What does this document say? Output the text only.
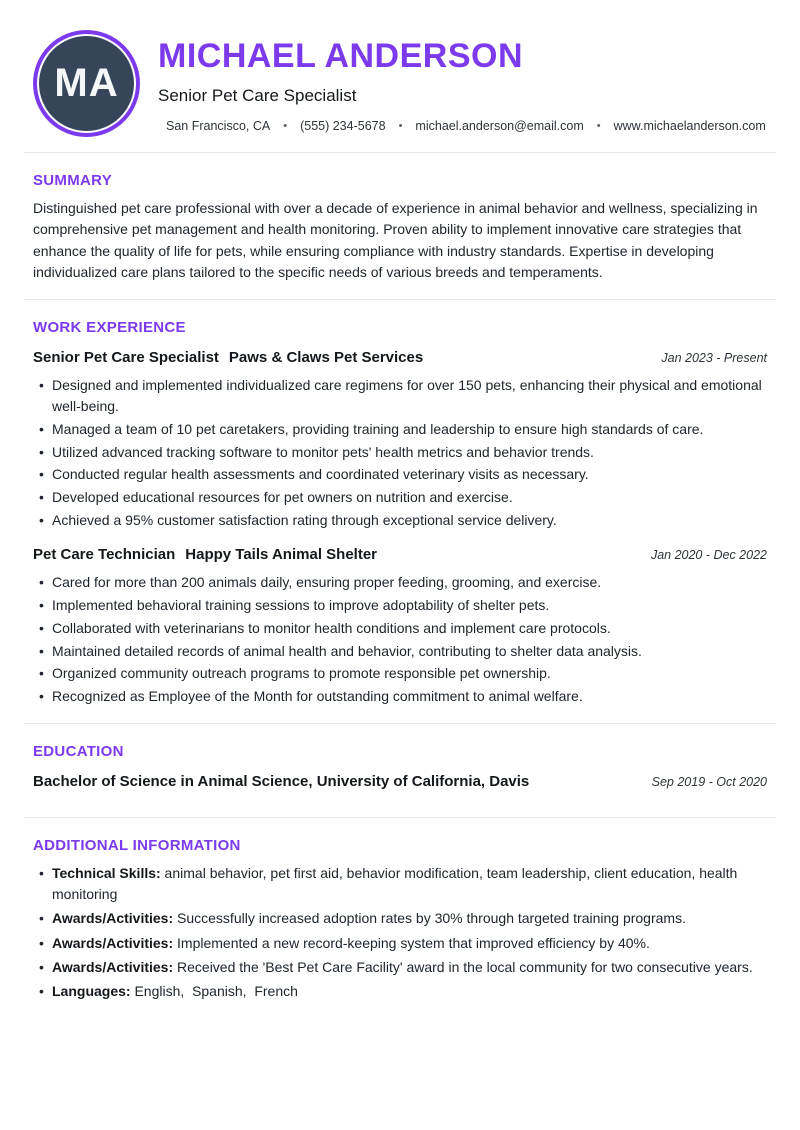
MA
MICHAEL ANDERSON
Senior Pet Care Specialist
San Francisco, CA • (555) 234-5678 • michael.anderson@email.com • www.michaelanderson.com
SUMMARY

Distinguished pet care professional with over a decade of experience in animal behavior and wellness, specializing in comprehensive pet management and health monitoring. Proven ability to implement innovative care strategies that enhance the quality of life for pets, while ensuring compliance with industry standards. Expertise in developing individualized care plans tailored to the specific needs of various breeds and temperaments.

WORK EXPERIENCE
Senior Pet Care Specialist Paws & Claws Pet Services	Jan 2023 - Present
• Designed and implemented individualized care regimens for over 150 pets, enhancing their physical and emotional well-being.
• Managed a team of 10 pet caretakers, providing training and leadership to ensure high standards of care.
• Utilized advanced tracking software to monitor pets' health metrics and behavior trends.
• Conducted regular health assessments and coordinated veterinary visits as necessary.
• Developed educational resources for pet owners on nutrition and exercise.
• Achieved a 95% customer satisfaction rating through exceptional service delivery.
Pet Care Technician Happy Tails Animal Shelter	Jan 2020 - Dec 2022
• Cared for more than 200 animals daily, ensuring proper feeding, grooming, and exercise.
• Implemented behavioral training sessions to improve adoptability of shelter pets.
• Collaborated with veterinarians to monitor health conditions and implement care protocols.
• Maintained detailed records of animal health and behavior, contributing to shelter data analysis.
• Organized community outreach programs to promote responsible pet ownership.
• Recognized as Employee of the Month for outstanding commitment to animal welfare.
EDUCATION
Bachelor of Science in Animal Science, University of California, Davis	Sep 2019 - Oct 2020
ADDITIONAL INFORMATION
• Technical Skills: animal behavior, pet first aid, behavior modification, team leadership, client education, health monitoring
• Awards/Activities: Successfully increased adoption rates by 30% through targeted training programs.
• Awards/Activities: Implemented a new record-keeping system that improved efficiency by 40%.
• Awards/Activities: Received the 'Best Pet Care Facility' award in the local community for two consecutive years.
• Languages: English,  Spanish,  French
